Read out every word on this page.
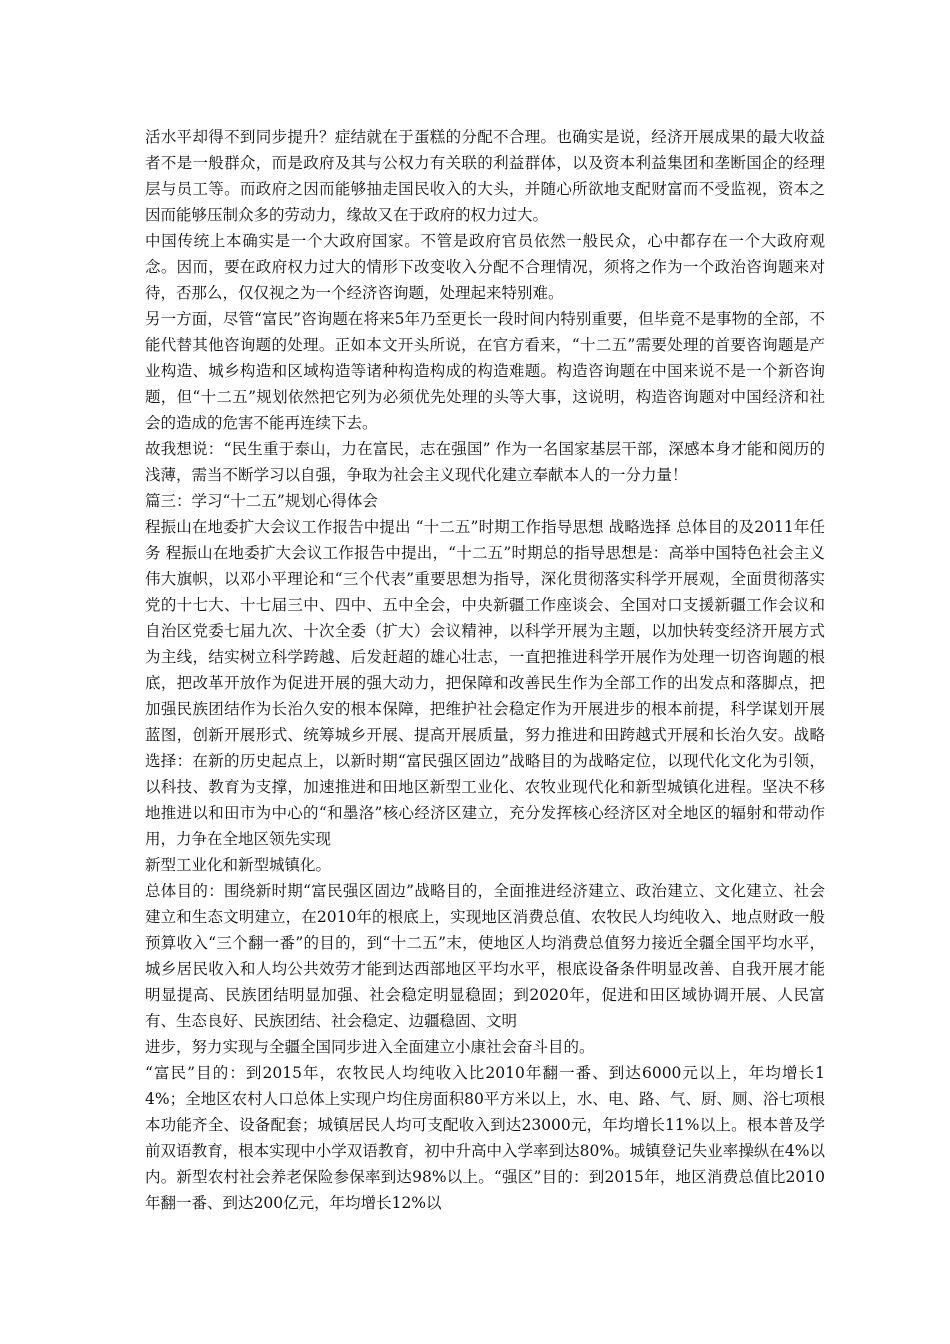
活水平却得不到同步提升？症结就在于蛋糕的分配不合理。也确实是说，经济开展成果的最大收益者不是一般群众，而是政府及其与公权力有关联的利益群体，以及资本利益集团和垄断国企的经理层与员工等。而政府之因而能够抽走国民收入的大头，并随心所欲地支配财富而不受监视，资本之因而能够压制众多的劳动力，缘故又在于政府的权力过大。

中国传统上本确实是一个大政府国家。不管是政府官员依然一般民众，心中都存在一个大政府观念。因而，要在政府权力过大的情形下改变收入分配不合理情况，须将之作为一个政治咨询题来对待，否那么，仅仅视之为一个经济咨询题，处理起来特别难。

另一方面，尽管“富民”咨询题在将来5年乃至更长一段时间内特别重要，但毕竟不是事物的全部，不能代替其他咨询题的处理。正如本文开头所说，在官方看来，“十二五”需要处理的首要咨询题是产业构造、城乡构造和区域构造等诸种构造构成的构造难题。构造咨询题在中国来说不是一个新咨询题，但“十二五”规划依然把它列为必须优先处理的头等大事，这说明，构造咨询题对中国经济和社会的造成的危害不能再连续下去。

故我想说：“民生重于泰山，力在富民，志在强国” 作为一名国家基层干部，深感本身才能和阅历的浅薄，需当不断学习以自强，争取为社会主义现代化建立奉献本人的一分力量！

篇三：学习“十二五”规划心得体会

程振山在地委扩大会议工作报告中提出 “十二五”时期工作指导思想 战略选择 总体目的及2011年任务 程振山在地委扩大会议工作报告中提出，“十二五”时期总的指导思想是：高举中国特色社会主义伟大旗帜，以邓小平理论和“三个代表”重要思想为指导，深化贯彻落实科学开展观，全面贯彻落实党的十七大、十七届三中、四中、五中全会，中央新疆工作座谈会、全国对口支援新疆工作会议和自治区党委七届九次、十次全委（扩大）会议精神，以科学开展为主题，以加快转变经济开展方式为主线，结实树立科学跨越、后发赶超的雄心壮志，一直把推进科学开展作为处理一切咨询题的根底，把改革开放作为促进开展的强大动力，把保障和改善民生作为全部工作的出发点和落脚点，把加强民族团结作为长治久安的根本保障，把维护社会稳定作为开展进步的根本前提，科学谋划开展蓝图，创新开展形式、统筹城乡开展、提高开展质量，努力推进和田跨越式开展和长治久安。战略选择：在新的历史起点上，以新时期“富民强区固边”战略目的为战略定位，以现代化文化为引领，以科技、教育为支撑，加速推进和田地区新型工业化、农牧业现代化和新型城镇化进程。坚决不移地推进以和田市为中心的“和墨洛”核心经济区建立，充分发挥核心经济区对全地区的辐射和带动作用，力争在全地区领先实现

新型工业化和新型城镇化。

总体目的：围绕新时期“富民强区固边”战略目的，全面推进经济建立、政治建立、文化建立、社会建立和生态文明建立，在2010年的根底上，实现地区消费总值、农牧民人均纯收入、地点财政一般预算收入“三个翻一番”的目的，到“十二五”末，使地区人均消费总值努力接近全疆全国平均水平，城乡居民收入和人均公共效劳才能到达西部地区平均水平，根底设备条件明显改善、自我开展才能明显提高、民族团结明显加强、社会稳定明显稳固；到2020年，促进和田区域协调开展、人民富有、生态良好、民族团结、社会稳定、边疆稳固、文明

进步，努力实现与全疆全国同步进入全面建立小康社会奋斗目的。

“富民”目的：到2015年，农牧民人均纯收入比2010年翻一番、到达6000元以上，年均增长14%；全地区农村人口总体上实现户均住房面积80平方米以上，水、电、路、气、厨、厕、浴七项根本功能齐全、设备配套；城镇居民人均可支配收入到达23000元，年均增长11%以上。根本普及学前双语教育，根本实现中小学双语教育，初中升高中入学率到达80%。城镇登记失业率操纵在4%以内。新型农村社会养老保险参保率到达98%以上。“强区”目的：到2015年，地区消费总值比2010年翻一番、到达200亿元，年均增长12%以
